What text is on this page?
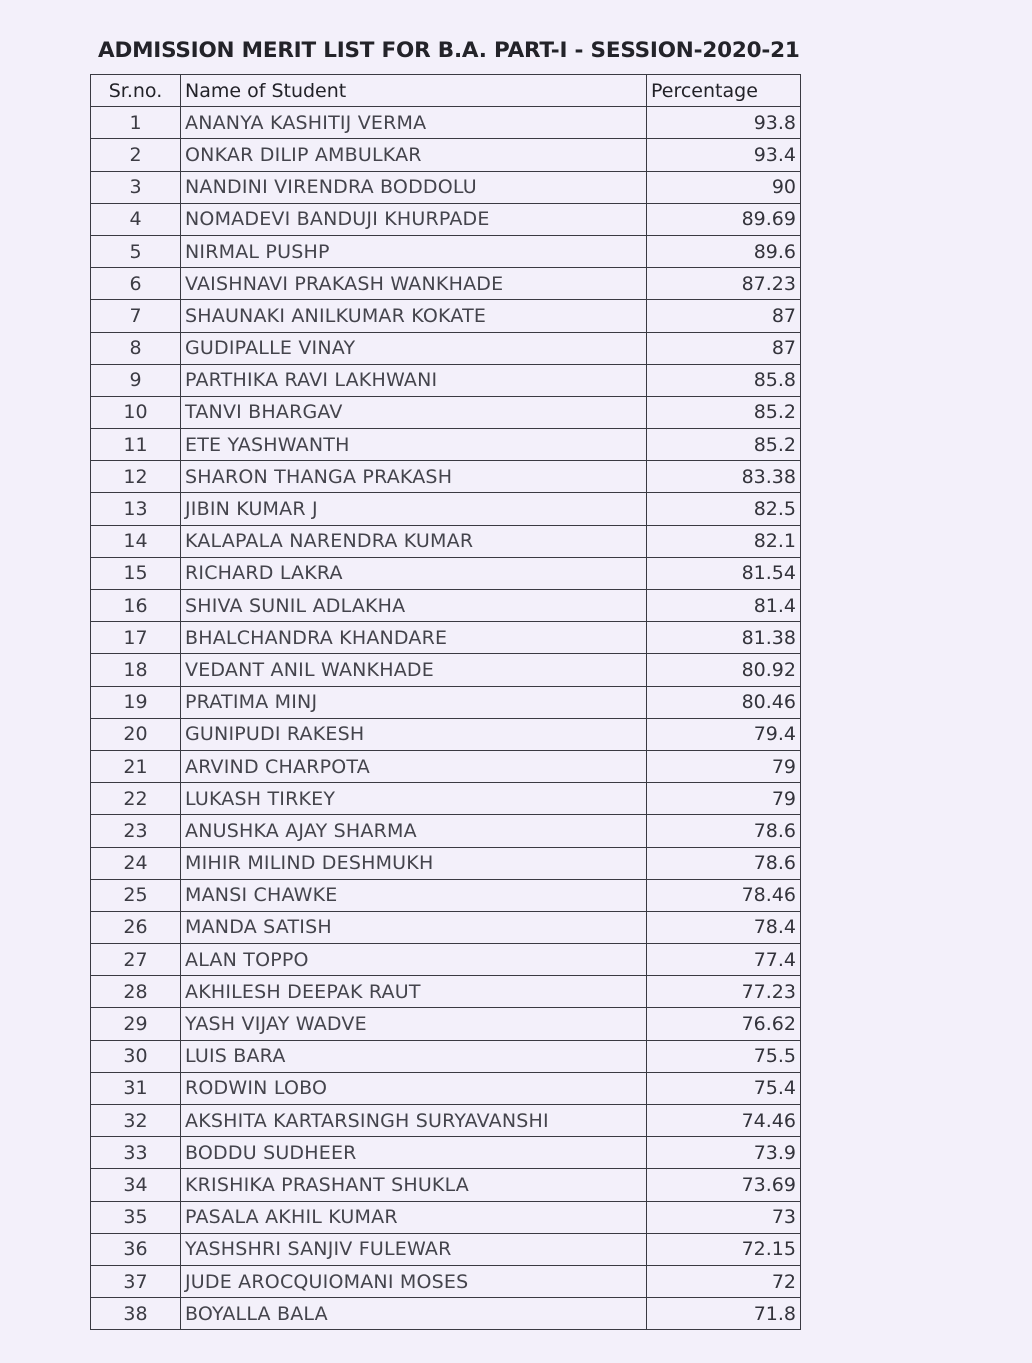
ADMISSION MERIT LIST FOR B.A. PART-I - SESSION-2020-21
Sr.no.	Name of Student	Percentage
1	ANANYA KASHITIJ VERMA	93.8
2	ONKAR DILIP AMBULKAR	93.4
3	NANDINI VIRENDRA BODDOLU	90
4	NOMADEVI BANDUJI KHURPADE	89.69
5	NIRMAL PUSHP	89.6
6	VAISHNAVI PRAKASH WANKHADE	87.23
7	SHAUNAKI ANILKUMAR KOKATE	87
8	GUDIPALLE VINAY	87
9	PARTHIKA RAVI LAKHWANI	85.8
10	TANVI BHARGAV	85.2
11	ETE YASHWANTH	85.2
12	SHARON THANGA PRAKASH	83.38
13	JIBIN KUMAR J	82.5
14	KALAPALA NARENDRA KUMAR	82.1
15	RICHARD LAKRA	81.54
16	SHIVA SUNIL ADLAKHA	81.4
17	BHALCHANDRA KHANDARE	81.38
18	VEDANT ANIL WANKHADE	80.92
19	PRATIMA MINJ	80.46
20	GUNIPUDI RAKESH	79.4
21	ARVIND CHARPOTA	79
22	LUKASH TIRKEY	79
23	ANUSHKA AJAY SHARMA	78.6
24	MIHIR MILIND DESHMUKH	78.6
25	MANSI CHAWKE	78.46
26	MANDA SATISH	78.4
27	ALAN TOPPO	77.4
28	AKHILESH DEEPAK RAUT	77.23
29	YASH VIJAY WADVE	76.62
30	LUIS BARA	75.5
31	RODWIN LOBO	75.4
32	AKSHITA KARTARSINGH SURYAVANSHI	74.46
33	BODDU SUDHEER	73.9
34	KRISHIKA PRASHANT SHUKLA	73.69
35	PASALA AKHIL KUMAR	73
36	YASHSHRI SANJIV FULEWAR	72.15
37	JUDE AROCQUIOMANI MOSES	72
38	BOYALLA BALA	71.8
